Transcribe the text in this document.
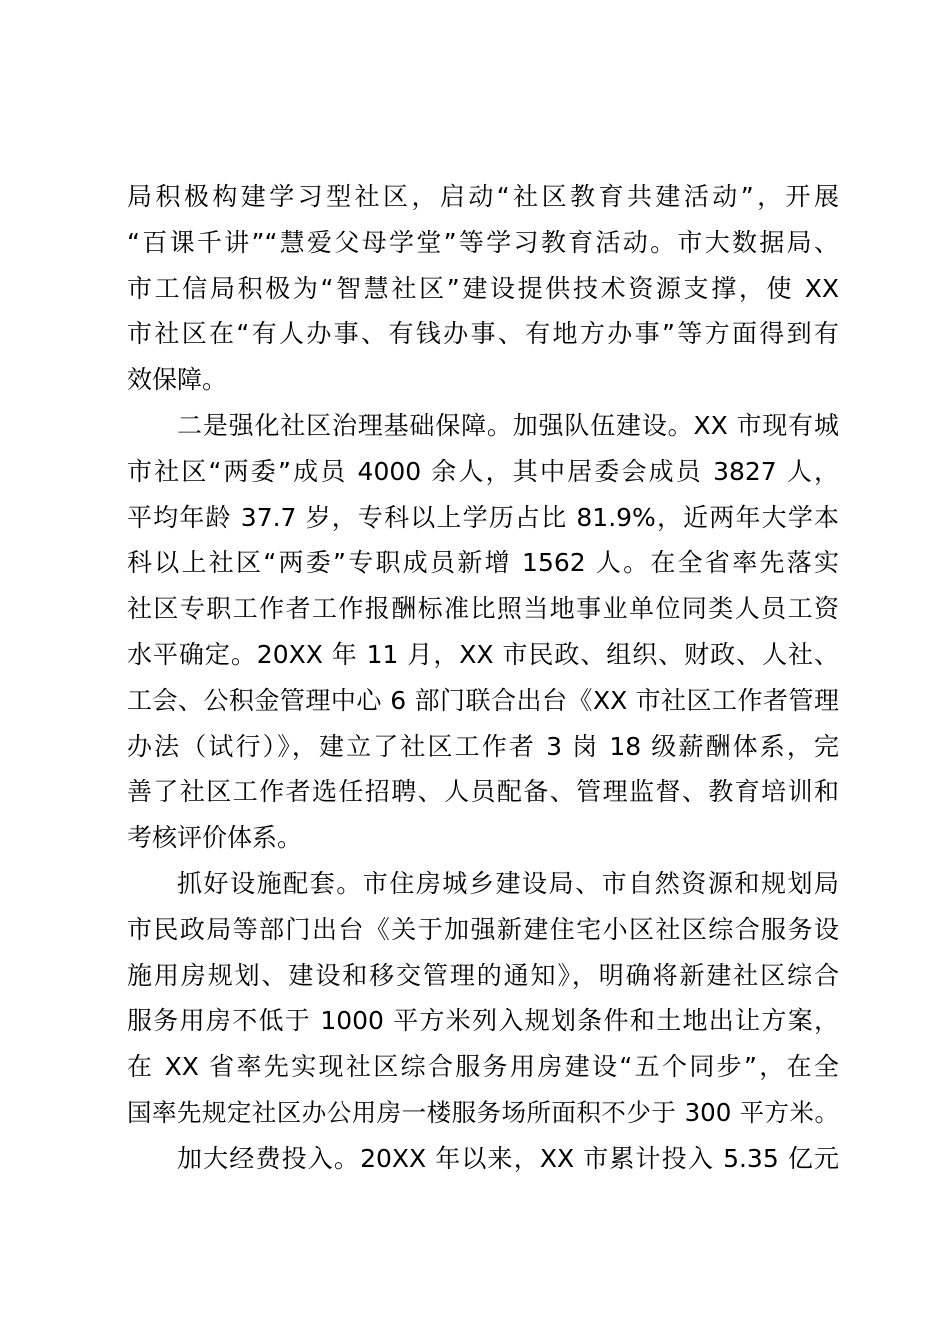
局积极构建学习型社区，启动“社区教育共建活动”，开展
“百课千讲”“慧爱父母学堂”等学习教育活动。市大数据局、
市工信局积极为“智慧社区”建设提供技术资源支撑，使 XX
市社区在“有人办事、有钱办事、有地方办事”等方面得到有
效保障。
二是强化社区治理基础保障。加强队伍建设。XX 市现有城
市社区“两委”成员 4000 余人，其中居委会成员 3827 人，
平均年龄 37.7 岁，专科以上学历占比 81.9%，近两年大学本
科以上社区“两委”专职成员新增 1562 人。在全省率先落实
社区专职工作者工作报酬标准比照当地事业单位同类人员工资
水平确定。20XX 年 11 月，XX 市民政、组织、财政、人社、
工会、公积金管理中心 6 部门联合出台《XX 市社区工作者管理
办法（试行）》，建立了社区工作者 3 岗 18 级薪酬体系，完
善了社区工作者选任招聘、人员配备、管理监督、教育培训和
考核评价体系。
抓好设施配套。市住房城乡建设局、市自然资源和规划局
市民政局等部门出台《关于加强新建住宅小区社区综合服务设
施用房规划、建设和移交管理的通知》，明确将新建社区综合
服务用房不低于 1000 平方米列入规划条件和土地出让方案，
在 XX 省率先实现社区综合服务用房建设“五个同步”，在全
国率先规定社区办公用房一楼服务场所面积不少于 300 平方米。
加大经费投入。20XX 年以来，XX 市累计投入 5.35 亿元
